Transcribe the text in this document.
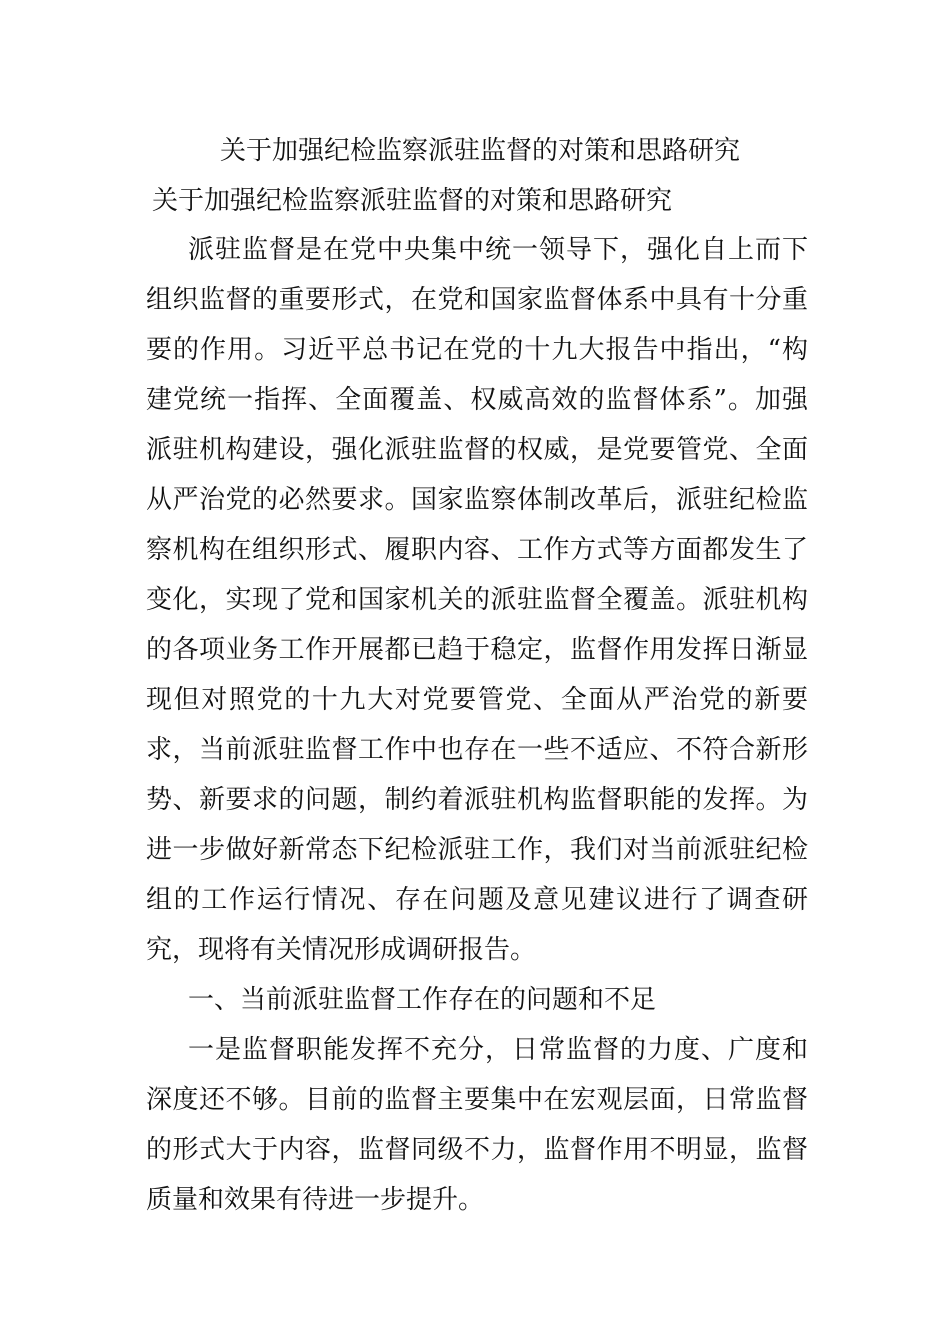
关于加强纪检监察派驻监督的对策和思路研究
关于加强纪检监察派驻监督的对策和思路研究

派驻监督是在党中央集中统一领导下，强化自上而下组织监督的重要形式，在党和国家监督体系中具有十分重要的作用。习近平总书记在党的十九大报告中指出，“构建党统一指挥、全面覆盖、权威高效的监督体系”。加强派驻机构建设，强化派驻监督的权威，是党要管党、全面从严治党的必然要求。国家监察体制改革后，派驻纪检监察机构在组织形式、履职内容、工作方式等方面都发生了变化，实现了党和国家机关的派驻监督全覆盖。派驻机构的各项业务工作开展都已趋于稳定，监督作用发挥日渐显现但对照党的十九大对党要管党、全面从严治党的新要求，当前派驻监督工作中也存在一些不适应、不符合新形势、新要求的问题，制约着派驻机构监督职能的发挥。为进一步做好新常态下纪检派驻工作，我们对当前派驻纪检组的工作运行情况、存在问题及意见建议进行了调查研究，现将有关情况形成调研报告。

一、当前派驻监督工作存在的问题和不足

一是监督职能发挥不充分，日常监督的力度、广度和深度还不够。目前的监督主要集中在宏观层面，日常监督的形式大于内容，监督同级不力，监督作用不明显，监督质量和效果有待进一步提升。
